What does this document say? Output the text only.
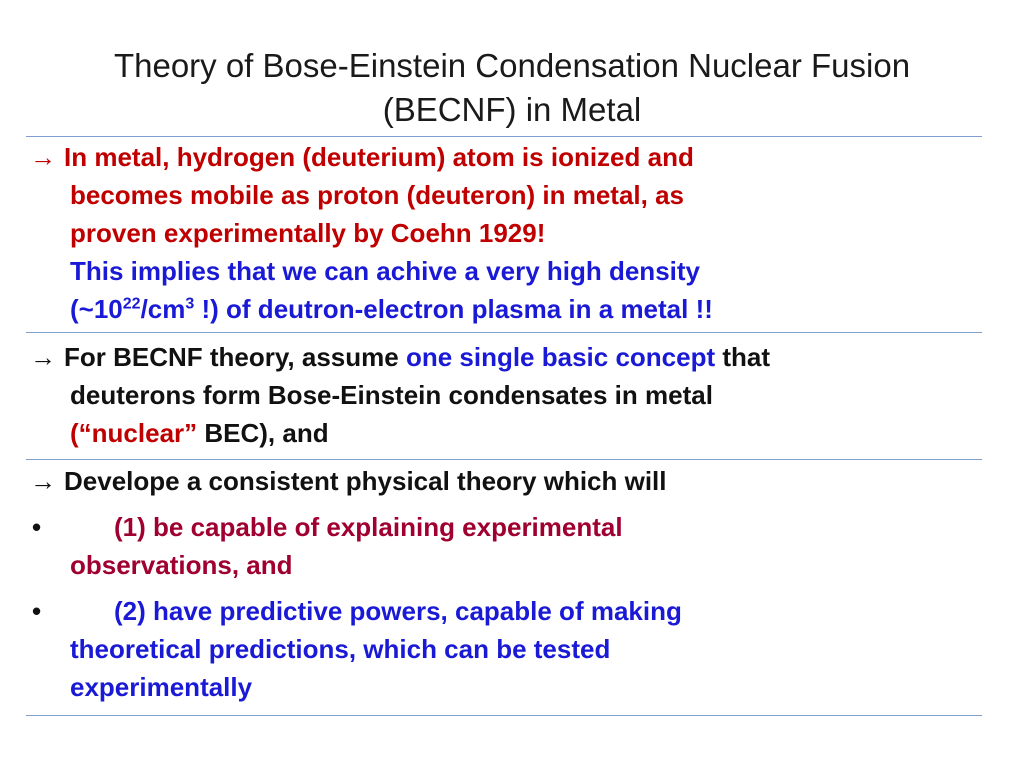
Theory of Bose-Einstein Condensation Nuclear Fusion
(BECNF) in Metal
→ In metal, hydrogen (deuterium) atom is ionized and
becomes mobile as proton (deuteron) in metal, as
proven experimentally by Coehn 1929!
This implies that we can achive a very high density
($\sim 10^{22}/cm^3$ !) of deutron-electron plasma in a metal !!
→ For BECNF theory, assume one single basic concept that
deuterons form Bose-Einstein condensates in metal
(“nuclear” BEC), and
→ Develope a consistent physical theory which will
•	(1) be capable of explaining experimental
observations, and
•	(2) have predictive powers, capable of making
theoretical predictions, which can be tested
experimentally
